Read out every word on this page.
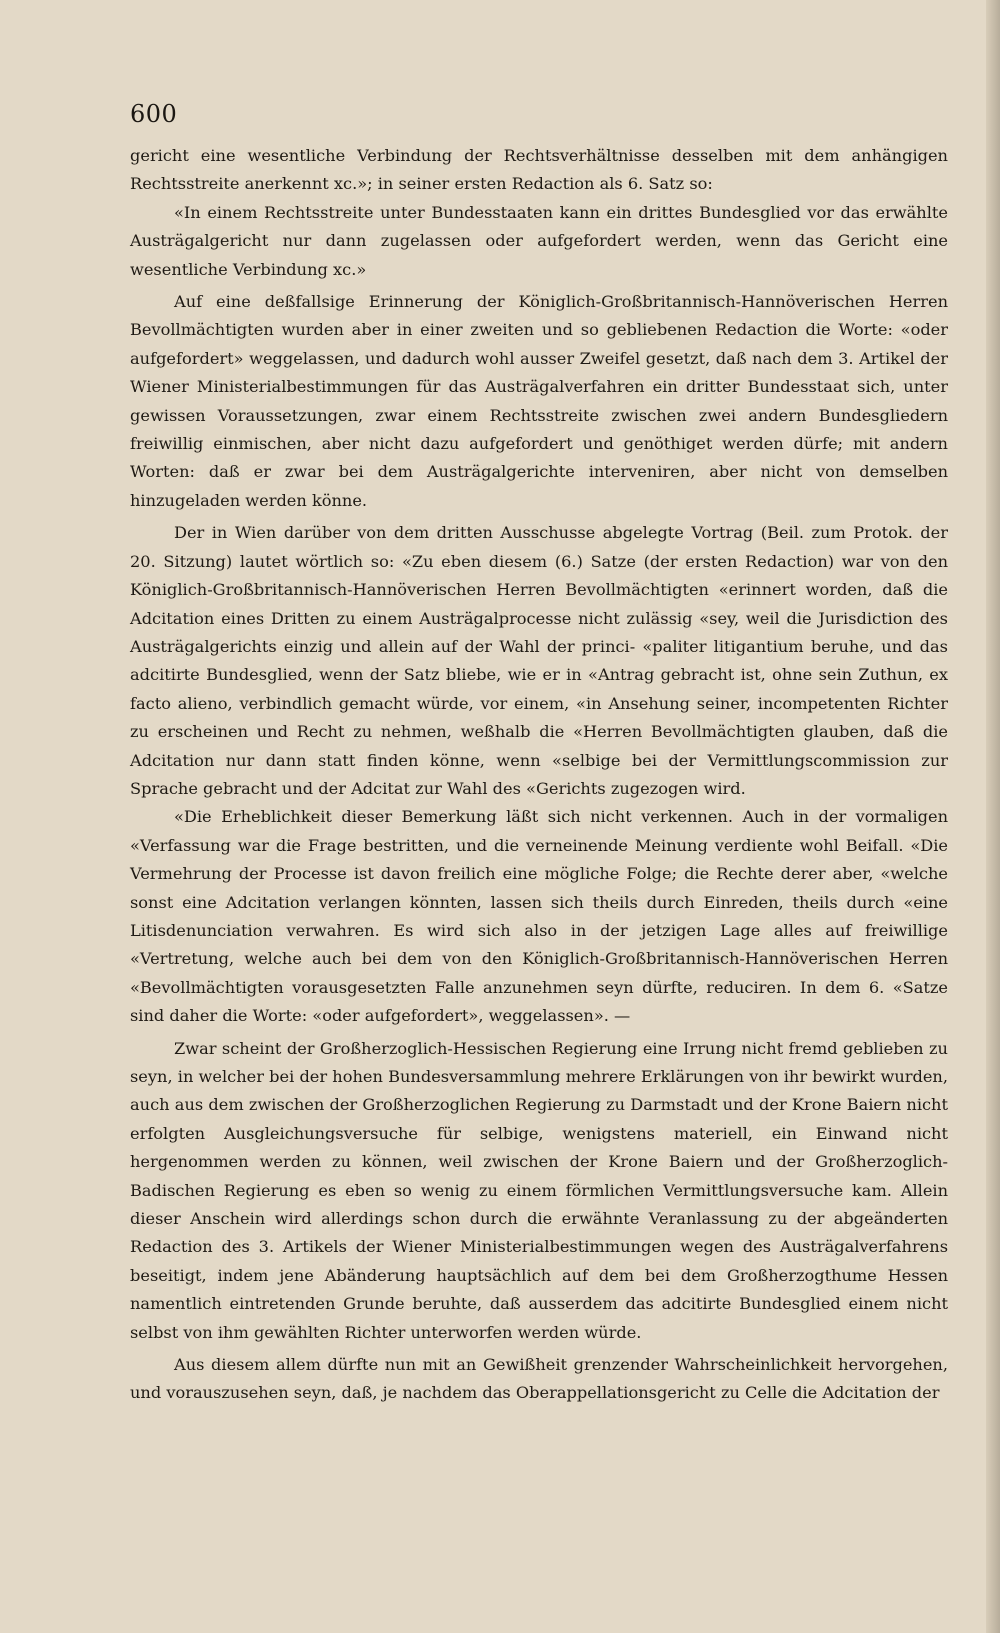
600

gericht eine wesentliche Verbindung der Rechtsverhältnisse desselben mit dem anhängigen Rechtsstreite anerkennt xc.»; in seiner ersten Redaction als 6. Satz so:

«In einem Rechtsstreite unter Bundesstaaten kann ein drittes Bundesglied vor das erwählte Austrägalgericht nur dann zugelassen oder aufgefordert werden, wenn das Gericht eine wesentliche Verbindung xc.»

Auf eine deßfallsige Erinnerung der Königlich-Großbritannisch-Hannöverischen Herren Bevollmächtigten wurden aber in einer zweiten und so gebliebenen Redaction die Worte: «oder aufgefordert» weggelassen, und dadurch wohl ausser Zweifel gesetzt, daß nach dem 3. Artikel der Wiener Ministerialbestimmungen für das Austrägalverfahren ein dritter Bundesstaat sich, unter gewissen Voraussetzungen, zwar einem Rechtsstreite zwischen zwei andern Bundesgliedern freiwillig einmischen, aber nicht dazu aufgefordert und genöthiget werden dürfe; mit andern Worten: daß er zwar bei dem Austrägalgerichte interveniren, aber nicht von demselben hinzugeladen werden könne.

Der in Wien darüber von dem dritten Ausschusse abgelegte Vortrag (Beil. zum Protok. der 20. Sitzung) lautet wörtlich so: «Zu eben diesem (6.) Satze (der ersten Redaction) war von den Königlich-Großbritannisch-Hannöverischen Herren Bevollmächtigten «erinnert worden, daß die Adcitation eines Dritten zu einem Austrägalprocesse nicht zulässig «sey, weil die Jurisdiction des Austrägalgerichts einzig und allein auf der Wahl der princi- «paliter litigantium beruhe, und das adcitirte Bundesglied, wenn der Satz bliebe, wie er in «Antrag gebracht ist, ohne sein Zuthun, ex facto alieno, verbindlich gemacht würde, vor einem, «in Ansehung seiner, incompetenten Richter zu erscheinen und Recht zu nehmen, weßhalb die «Herren Bevollmächtigten glauben, daß die Adcitation nur dann statt finden könne, wenn «selbige bei der Vermittlungscommission zur Sprache gebracht und der Adcitat zur Wahl des «Gerichts zugezogen wird.

«Die Erheblichkeit dieser Bemerkung läßt sich nicht verkennen. Auch in der vormaligen «Verfassung war die Frage bestritten, und die verneinende Meinung verdiente wohl Beifall. «Die Vermehrung der Processe ist davon freilich eine mögliche Folge; die Rechte derer aber, «welche sonst eine Adcitation verlangen könnten, lassen sich theils durch Einreden, theils durch «eine Litisdenunciation verwahren. Es wird sich also in der jetzigen Lage alles auf freiwillige «Vertretung, welche auch bei dem von den Königlich-Großbritannisch-Hannöverischen Herren «Bevollmächtigten vorausgesetzten Falle anzunehmen seyn dürfte, reduciren. In dem 6. «Satze sind daher die Worte: «oder aufgefordert», weggelassen». —

Zwar scheint der Großherzoglich-Hessischen Regierung eine Irrung nicht fremd geblieben zu seyn, in welcher bei der hohen Bundesversammlung mehrere Erklärungen von ihr bewirkt wurden, auch aus dem zwischen der Großherzoglichen Regierung zu Darmstadt und der Krone Baiern nicht erfolgten Ausgleichungsversuche für selbige, wenigstens materiell, ein Einwand nicht hergenommen werden zu können, weil zwischen der Krone Baiern und der Großherzoglich-Badischen Regierung es eben so wenig zu einem förmlichen Vermittlungsversuche kam. Allein dieser Anschein wird allerdings schon durch die erwähnte Veranlassung zu der abgeänderten Redaction des 3. Artikels der Wiener Ministerialbestimmungen wegen des Austrägalverfahrens beseitigt, indem jene Abänderung hauptsächlich auf dem bei dem Großherzogthume Hessen namentlich eintretenden Grunde beruhte, daß ausserdem das adcitirte Bundesglied einem nicht selbst von ihm gewählten Richter unterworfen werden würde.

Aus diesem allem dürfte nun mit an Gewißheit grenzender Wahrscheinlichkeit hervorgehen, und vorauszusehen seyn, daß, je nachdem das Oberappellationsgericht zu Celle die Adcitation der
